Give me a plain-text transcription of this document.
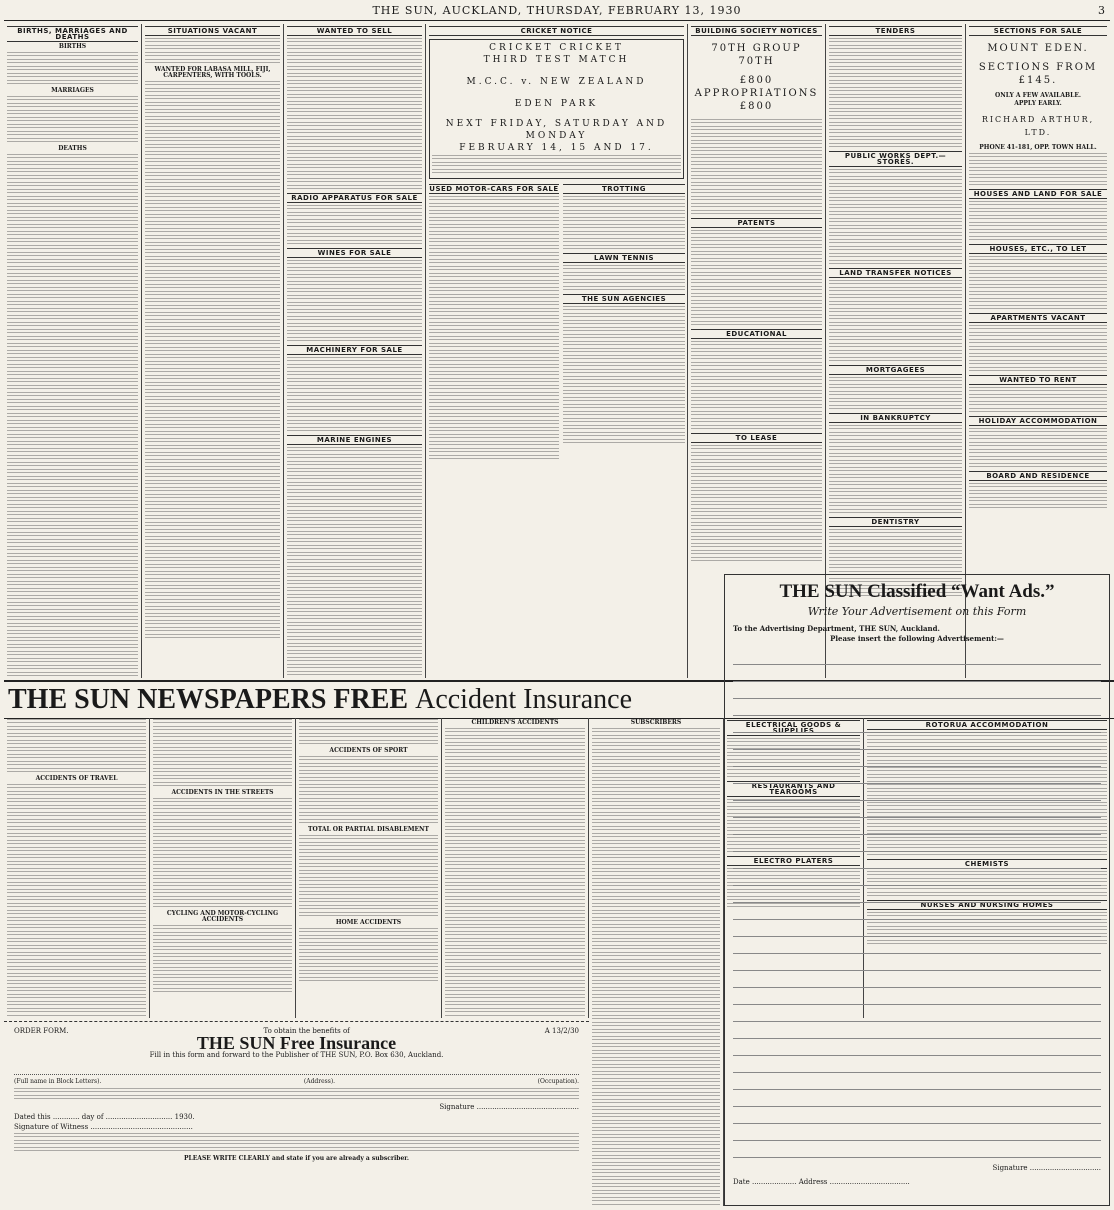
THE SUN, AUCKLAND, THURSDAY, FEBRUARY 13, 1930	3
BIRTHS, MARRIAGES AND DEATHS
BIRTHS
MARRIAGES
DEATHS
SITUATIONS VACANT
WANTED FOR LABASA MILL, FIJI, CARPENTERS, WITH TOOLS.
WANTED TO SELL
RADIO APPARATUS FOR SALE
WINES FOR SALE
MACHINERY FOR SALE
MARINE ENGINES
CRICKET NOTICE
CRICKET CRICKET
THIRD TEST MATCH
M.C.C. v. NEW ZEALAND
EDEN PARK
NEXT FRIDAY, SATURDAY AND MONDAY
FEBRUARY 14, 15 AND 17.
USED MOTOR-CARS FOR SALE	TROTTING
LAWN TENNIS
THE SUN AGENCIES
BUILDING SOCIETY NOTICES
70TH GROUP 70TH
£800 APPROPRIATIONS £800
PATENTS
EDUCATIONAL
TO LEASE
TENDERS
PUBLIC WORKS DEPT.—STORES.
LAND TRANSFER NOTICES
MORTGAGEES
IN BANKRUPTCY
DENTISTRY
SECTIONS FOR SALE
MOUNT EDEN.
SECTIONS FROM £145.
ONLY A FEW AVAILABLE.
APPLY EARLY.
RICHARD ARTHUR, LTD.
PHONE 41-181, OPP. TOWN HALL.
HOUSES AND LAND FOR SALE
HOUSES, ETC., TO LET
APARTMENTS VACANT
WANTED TO RENT
HOLIDAY ACCOMMODATION
BOARD AND RESIDENCE
THE SUN NEWSPAPERS FREE Accident Insurance
ACCIDENTS OF TRAVEL
ACCIDENTS IN THE STREETS
CYCLING AND MOTOR-CYCLING ACCIDENTS
ACCIDENTS OF SPORT
TOTAL OR PARTIAL DISABLEMENT
HOME ACCIDENTS
CHILDREN'S ACCIDENTS	SUBSCRIBERS	ELECTRICAL GOODS & SUPPLIES
RESTAURANTS AND TEAROOMS
ELECTRO PLATERS
ROTORUA ACCOMMODATION
CHEMISTS
NURSES AND NURSING HOMES
ORDER FORM.	To obtain the benefits of	A 13/2/30
THE SUN Free Insurance
Fill in this form and forward to the Publisher of THE SUN, P.O. Box 630, Auckland.
(Full name in Block Letters).	(Address).	(Occupation).
Signature ..............................................
Dated this ............ day of .............................. 1930.
Signature of Witness ..............................................
PLEASE WRITE CLEARLY and state if you are already a subscriber.
THE SUN Classified “Want Ads.”
Write Your Advertisement on this Form
To the Advertising Department, THE SUN, Auckland.
Please insert the following Advertisement:—
Signature ................................
Date .................... Address ....................................
